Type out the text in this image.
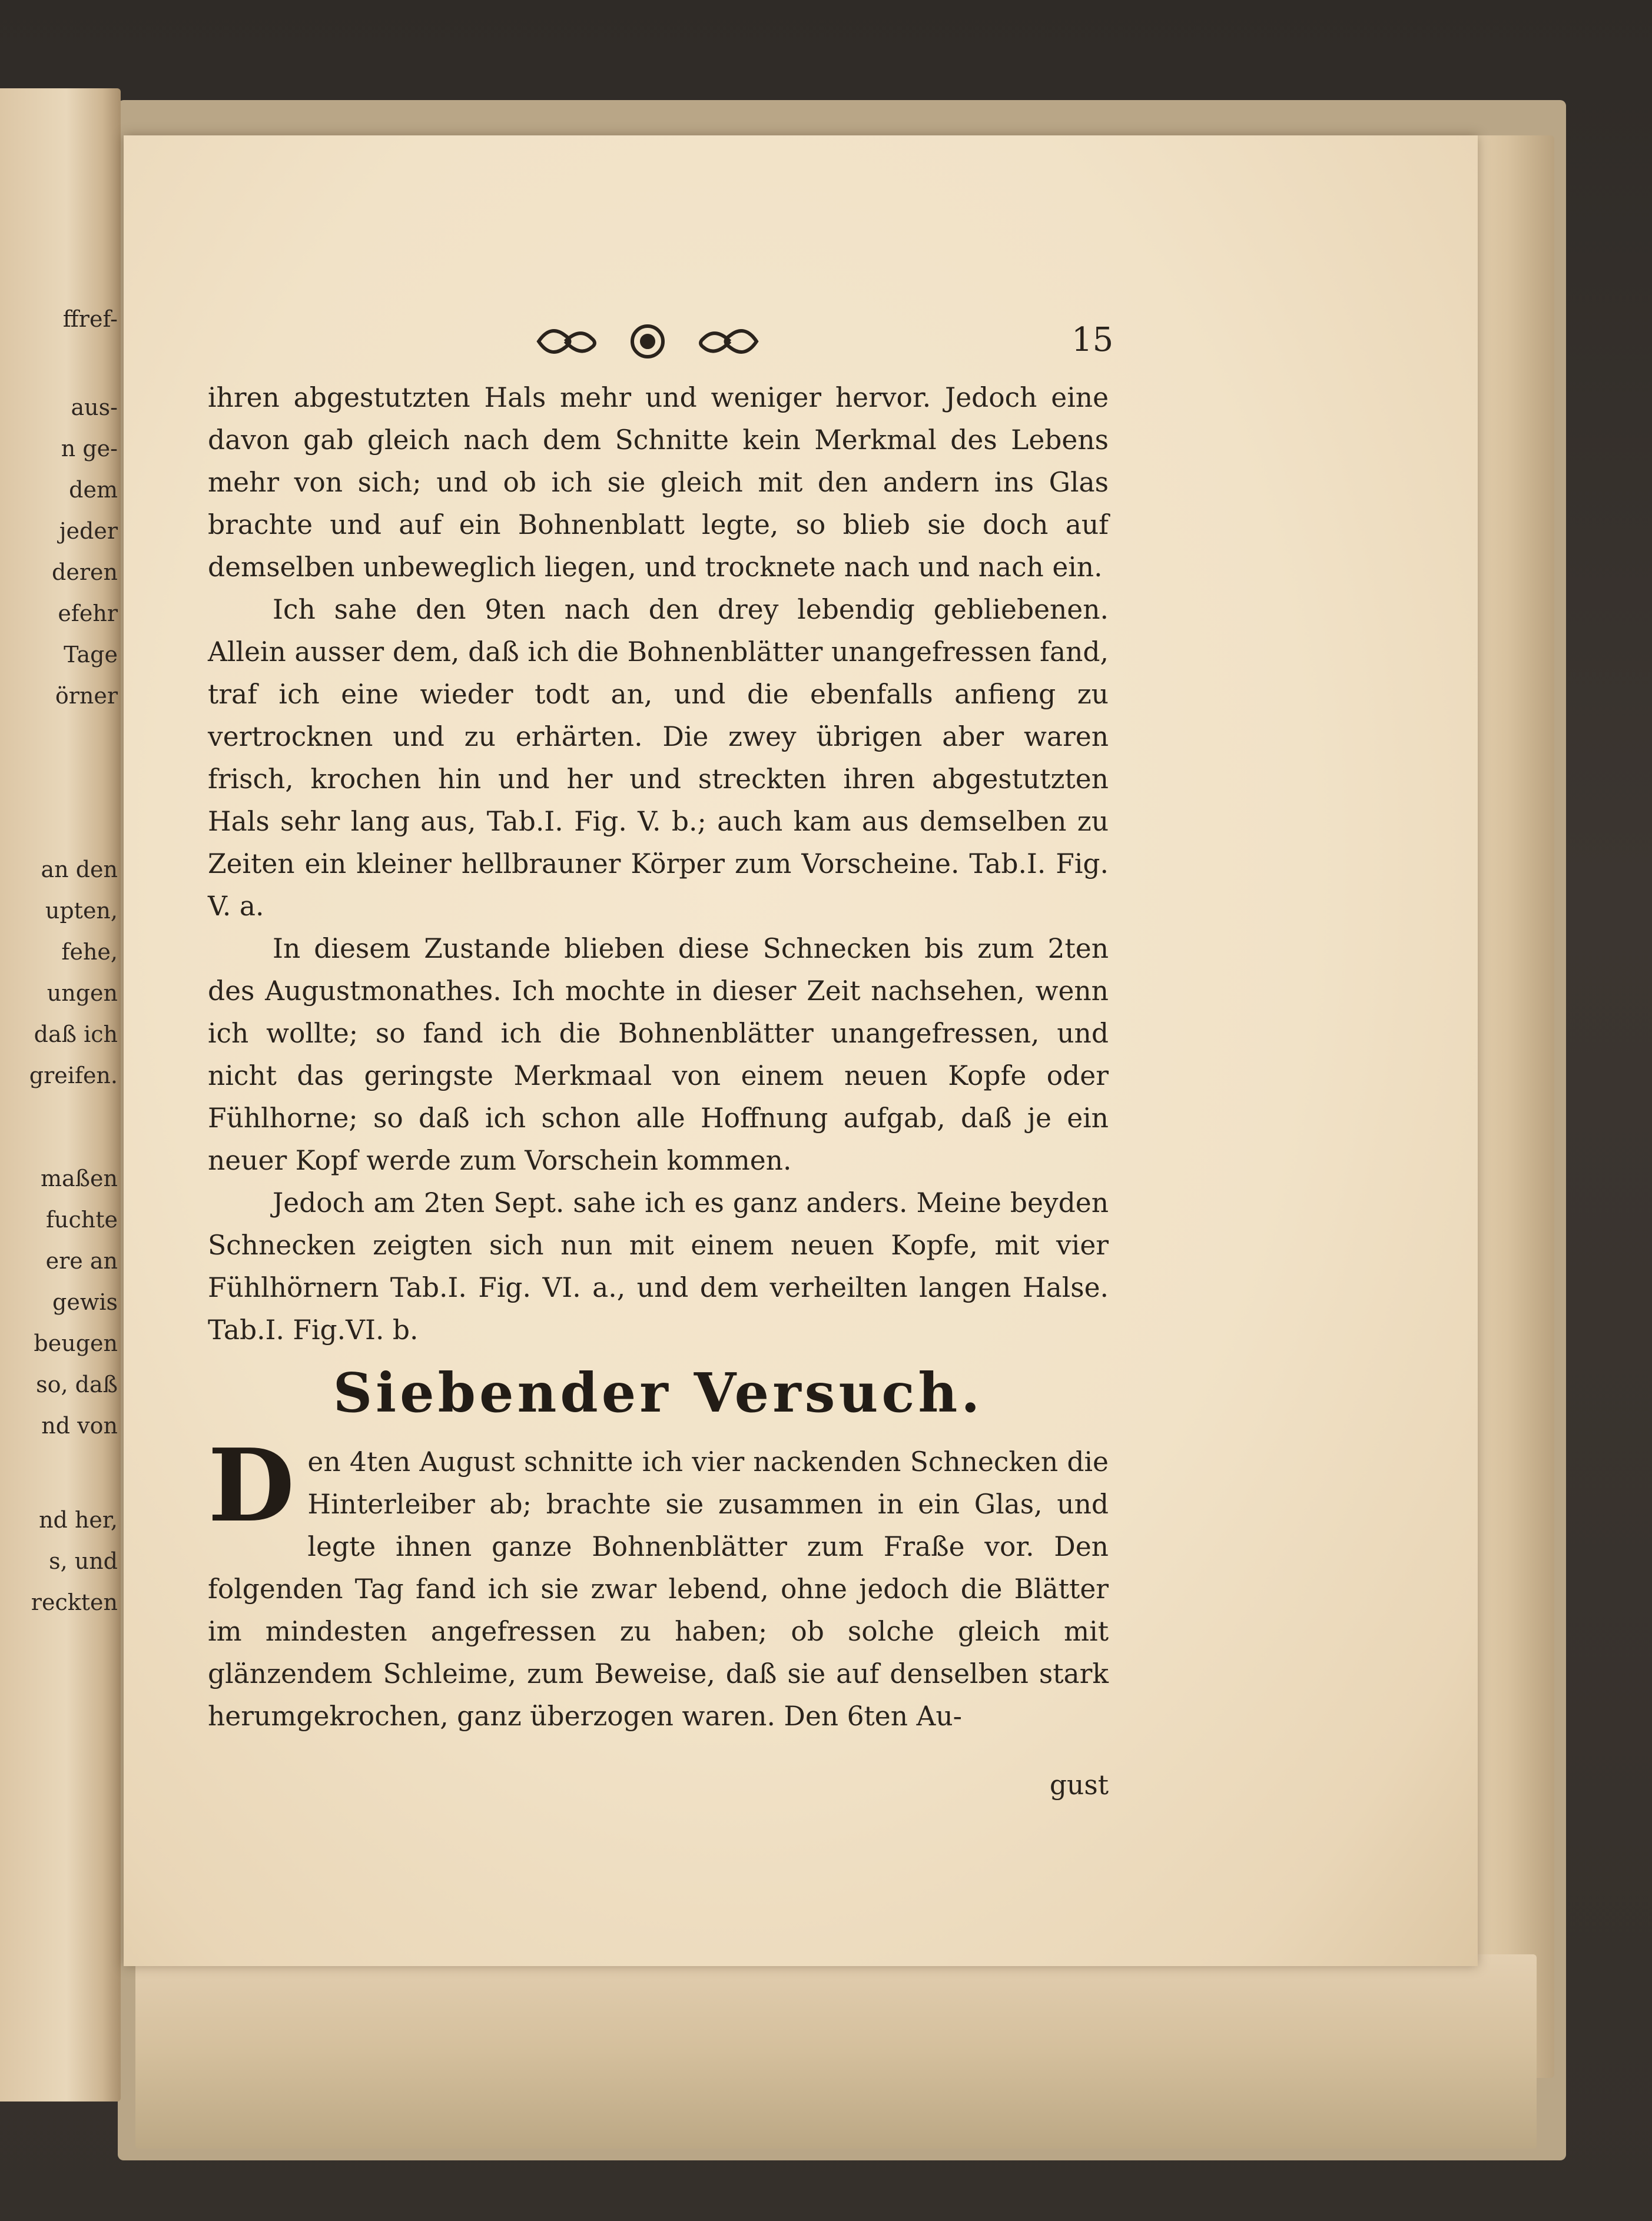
ffref-
aus-
n ge-
dem
jeder
deren
efehr
Tage
örner
an den
upten,
fehe,
ungen
daß ich
greifen.
maßen
fuchte
ere an
gewis
beugen
so, daß
nd von
nd her,
s, und
reckten
15

ihren abgestutzten Hals mehr und weniger hervor. Jedoch eine davon gab gleich nach dem Schnitte kein Merkmal des Lebens mehr von sich; und ob ich sie gleich mit den andern ins Glas brachte und auf ein Bohnenblatt legte, so blieb sie doch auf demselben unbeweglich liegen, und trocknete nach und nach ein.

Ich sahe den 9ten nach den drey lebendig gebliebenen. Allein ausser dem, daß ich die Bohnenblätter unangefressen fand, traf ich eine wieder todt an, und die ebenfalls anfieng zu vertrocknen und zu erhärten. Die zwey übrigen aber waren frisch, krochen hin und her und streckten ihren abgestutzten Hals sehr lang aus, Tab.I. Fig. V. b.; auch kam aus demselben zu Zeiten ein kleiner hellbrauner Körper zum Vorscheine. Tab.I. Fig. V. a.

In diesem Zustande blieben diese Schnecken bis zum 2ten des Augustmonathes. Ich mochte in dieser Zeit nachsehen, wenn ich wollte; so fand ich die Bohnenblätter unangefressen, und nicht das geringste Merkmaal von einem neuen Kopfe oder Fühlhorne; so daß ich schon alle Hoffnung aufgab, daß je ein neuer Kopf werde zum Vorschein kommen.

Jedoch am 2ten Sept. sahe ich es ganz anders. Meine beyden Schnecken zeigten sich nun mit einem neuen Kopfe, mit vier Fühlhörnern Tab.I. Fig. VI. a., und dem verheilten langen Halse. Tab.I. Fig.VI. b.

Siebender Versuch.

Den 4ten August schnitte ich vier nackenden Schnecken die Hinterleiber ab; brachte sie zusammen in ein Glas, und legte ihnen ganze Bohnenblätter zum Fraße vor. Den folgenden Tag fand ich sie zwar lebend, ohne jedoch die Blätter im mindesten angefressen zu haben; ob solche gleich mit glänzendem Schleime, zum Beweise, daß sie auf denselben stark herumgekrochen, ganz überzogen waren. Den 6ten Au-

gust
